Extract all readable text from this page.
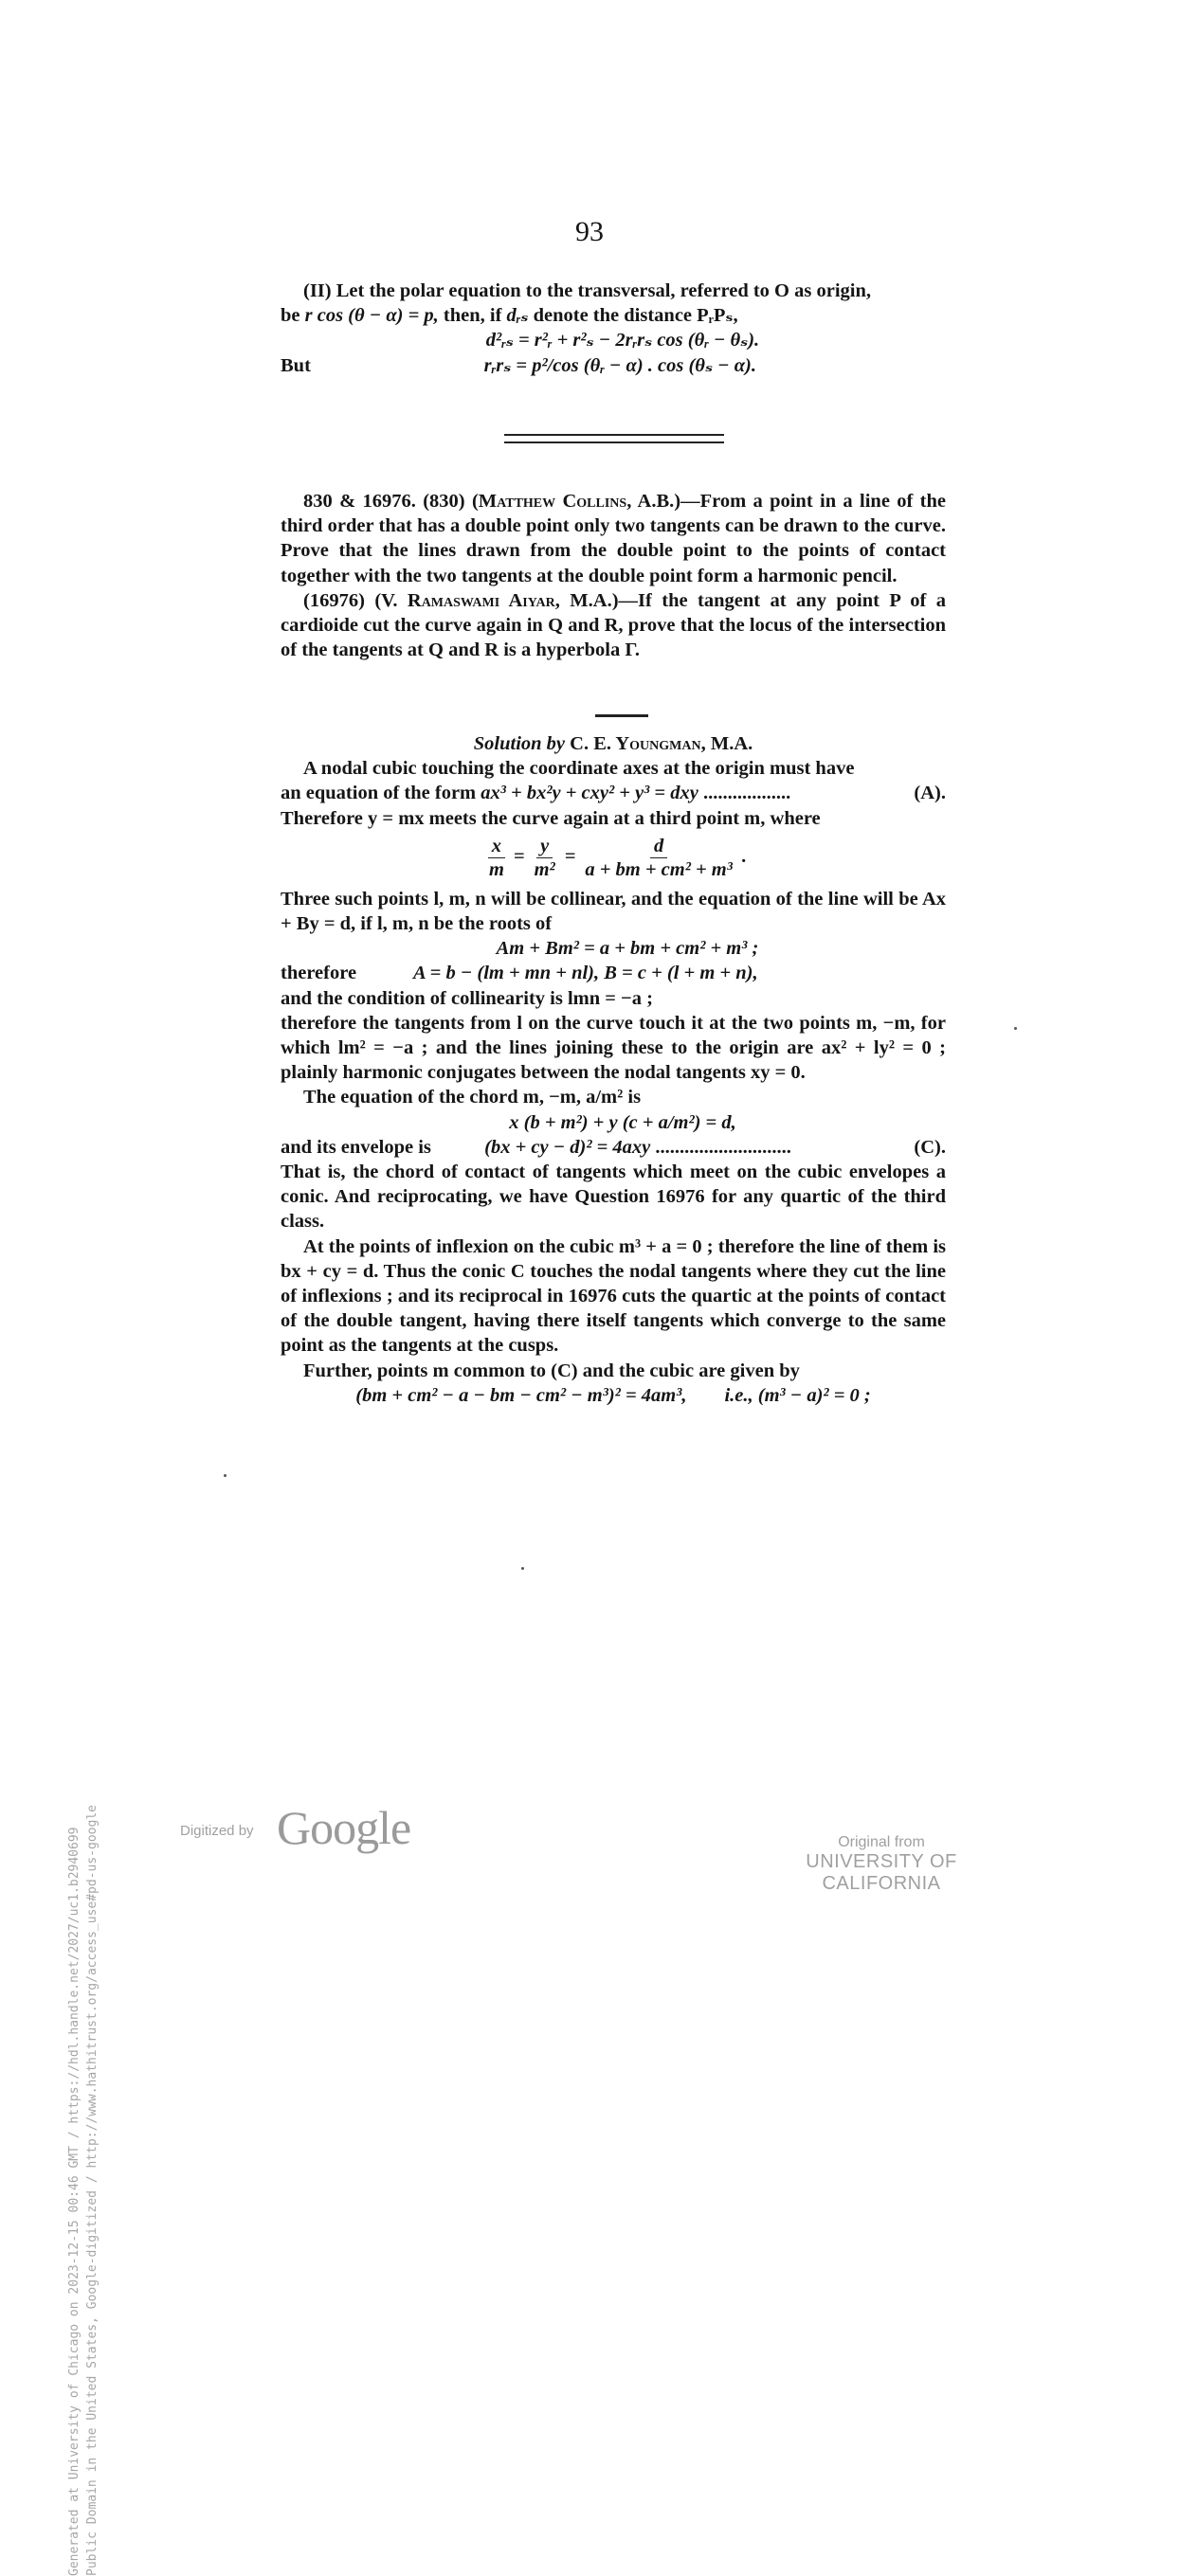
93

(II) Let the polar equation to the transversal, referred to O as origin,

be r cos (θ − α) = p, then, if dᵣₛ denote the distance PᵣPₛ,

d²ᵣₛ = r²ᵣ + r²ₛ − 2rᵣrₛ cos (θᵣ − θₛ).

But	rᵣrₛ = p²/cos (θᵣ − α) . cos (θₛ − α).

830 & 16976. (830) (Matthew Collins, A.B.)—From a point in a line of the third order that has a double point only two tangents can be drawn to the curve. Prove that the lines drawn from the double point to the points of contact together with the two tangents at the double point form a harmonic pencil.

(16976) (V. Ramaswami Aiyar, M.A.)—If the tangent at any point P of a cardioide cut the curve again in Q and R, prove that the locus of the intersection of the tangents at Q and R is a hyperbola Γ.

Solution by C. E. Youngman, M.A.

A nodal cubic touching the coordinate axes at the origin must have

an equation of the form ax³ + bx²y + cxy² + y³ = dxy ..................	(A).

Therefore y = mx meets the curve again at a third point m, where

$\frac{x}{m} = \frac{y}{\text{m²}} = \frac{d}{\text{a + bm + cm² + m³}}$ .

Three such points l, m, n will be collinear, and the equation of the line will be Ax + By = d, if l, m, n be the roots of

Am + Bm² = a + bm + cm² + m³ ;

therefore	A = b − (lm + mn + nl), B = c + (l + m + n),

and the condition of collinearity is lmn = −a ;

therefore the tangents from l on the curve touch it at the two points m, −m, for which lm² = −a ; and the lines joining these to the origin are ax² + ly² = 0 ; plainly harmonic conjugates between the nodal tangents xy = 0.

The equation of the chord m, −m, a/m² is

x (b + m²) + y (c + a/m²) = d,

and its envelope is	(bx + cy − d)² = 4axy ............................	(C).

That is, the chord of contact of tangents which meet on the cubic envelopes a conic. And reciprocating, we have Question 16976 for any quartic of the third class.

At the points of inflexion on the cubic m³ + a = 0 ; therefore the line of them is bx + cy = d. Thus the conic C touches the nodal tangents where they cut the line of inflexions ; and its reciprocal in 16976 cuts the quartic at the points of contact of the double tangent, having there itself tangents which converge to the same point as the tangents at the cusps.

Further, points m common to (C) and the cubic are given by

(bm + cm² − a − bm − cm² − m³)² = 4am³, i.e., (m³ − a)² = 0 ;
Generated at University of Chicago on 2023-12-15 00:46 GMT / https://hdl.handle.net/2027/uc1.b2940699 Public Domain in the United States, Google-digitized / http://www.hathitrust.org/access_use#pd-us-google	Digitized by Google	Original from
UNIVERSITY OF CALIFORNIA
